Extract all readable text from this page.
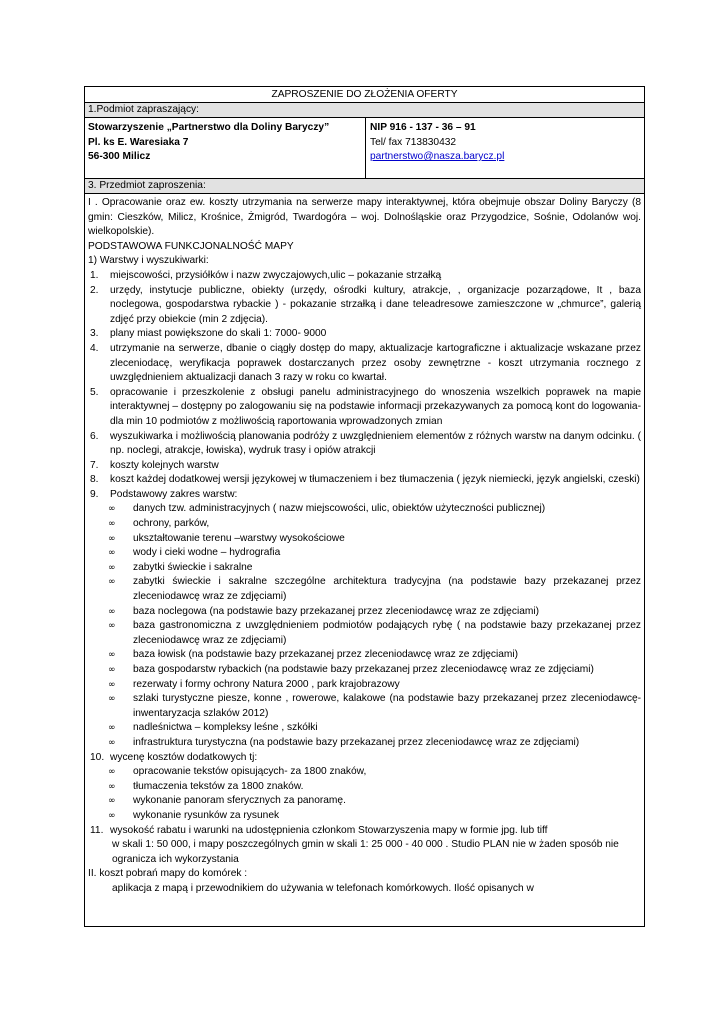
ZAPROSZENIE DO ZŁOŻENIA OFERTY
1.Podmiot zapraszający:
Stowarzyszenie „Partnerstwo dla Doliny Baryczy”
Pl. ks E. Waresiaka 7
56-300 Milicz
NIP 916 - 137 - 36 – 91
Tel/ fax 713830432
partnerstwo@nasza.barycz.pl
3. Przedmiot zaproszenia:
I . Opracowanie oraz ew. koszty utrzymania na serwerze mapy interaktywnej, która obejmuje obszar Doliny Baryczy (8 gmin: Cieszków, Milicz, Krośnice, Żmigród, Twardogóra – woj. Dolnośląskie oraz Przygodzice, Sośnie, Odolanów woj. wielkopolskie).
PODSTAWOWA FUNKCJONALNOŚĆ MAPY
1) Warstwy i wyszukiwarki:
1.	miejscowości, przysiółków i nazw zwyczajowych,ulic – pokazanie strzałką
2.	urzędy, instytucje publiczne, obiekty (urzędy, ośrodki kultury, atrakcje, , organizacje pozarządowe, It , baza noclegowa, gospodarstwa rybackie ) - pokazanie strzałką i dane teleadresowe zamieszczone w „chmurce”, galerią zdjęć przy obiekcie (min 2 zdjęcia).
3.	plany miast powiększone do skali 1: 7000- 9000
4.	utrzymanie na serwerze, dbanie o ciągły dostęp do mapy, aktualizacje kartograficzne i aktualizacje wskazane przez zleceniodacę, weryfikacja poprawek dostarczanych przez osoby zewnętrzne - koszt utrzymania rocznego z uwzględnieniem aktualizacji danach 3 razy w roku co kwartał.
5.	opracowanie i przeszkolenie z obsługi panelu administracyjnego do wnoszenia wszelkich poprawek na mapie interaktywnej – dostępny po zalogowaniu się na podstawie informacji przekazywanych za pomocą kont do logowania- dla min 10 podmiotów z możliwością raportowania wprowadzonych zmian
6.	wyszukiwarka i możliwością planowania podróży z uwzględnieniem elementów z różnych warstw na danym odcinku. ( np. noclegi, atrakcje, łowiska), wydruk trasy i opiów atrakcji
7.	koszty kolejnych warstw
8.	koszt każdej dodatkowej wersji językowej w tłumaczeniem i bez tłumaczenia ( język niemiecki, język angielski, czeski)
9.	Podstawowy zakres warstw:
∞	danych tzw. administracyjnych ( nazw miejscowości, ulic, obiektów użyteczności publicznej)
∞	ochrony, parków,
∞	ukształtowanie terenu –warstwy wysokościowe
∞	wody i cieki wodne – hydrografia
∞	zabytki świeckie i sakralne
∞	zabytki świeckie i sakralne szczególne architektura tradycyjna (na podstawie bazy przekazanej przez zleceniodawcę wraz ze zdjęciami)
∞	baza noclegowa (na podstawie bazy przekazanej przez zleceniodawcę wraz ze zdjęciami)
∞	baza gastronomiczna z uwzględnieniem podmiotów podających rybę ( na podstawie bazy przekazanej przez zleceniodawcę wraz ze zdjęciami)
∞	baza łowisk (na podstawie bazy przekazanej przez zleceniodawcę wraz ze zdjęciami)
∞	baza gospodarstw rybackich (na podstawie bazy przekazanej przez zleceniodawcę wraz ze zdjęciami)
∞	rezerwaty i formy ochrony Natura 2000 , park krajobrazowy
∞	szlaki turystyczne piesze, konne , rowerowe, kalakowe (na podstawie bazy przekazanej przez zleceniodawcę- inwentaryzacja szlaków 2012)
∞	nadleśnictwa – kompleksy leśne , szkółki
∞	infrastruktura turystyczna (na podstawie bazy przekazanej przez zleceniodawcę wraz ze zdjęciami)
10. wycenę kosztów dodatkowych tj:
∞	opracowanie tekstów opisujących- za 1800 znaków,
∞	tłumaczenia tekstów za 1800 znaków.
∞	wykonanie panoram sferycznych za panoramę.
∞	wykonanie rysunków za rysunek
11. wysokość rabatu i warunki na udostępnienia członkom Stowarzyszenia mapy w formie jpg. lub tiff
w skali 1: 50 000, i mapy poszczególnych gmin w skali 1: 25 000 - 40 000 . Studio PLAN nie w żaden sposób nie ogranicza ich wykorzystania
II. koszt pobrań mapy do komórek :
aplikacja z mapą i przewodnikiem do używania w telefonach komórkowych. Ilość opisanych w
